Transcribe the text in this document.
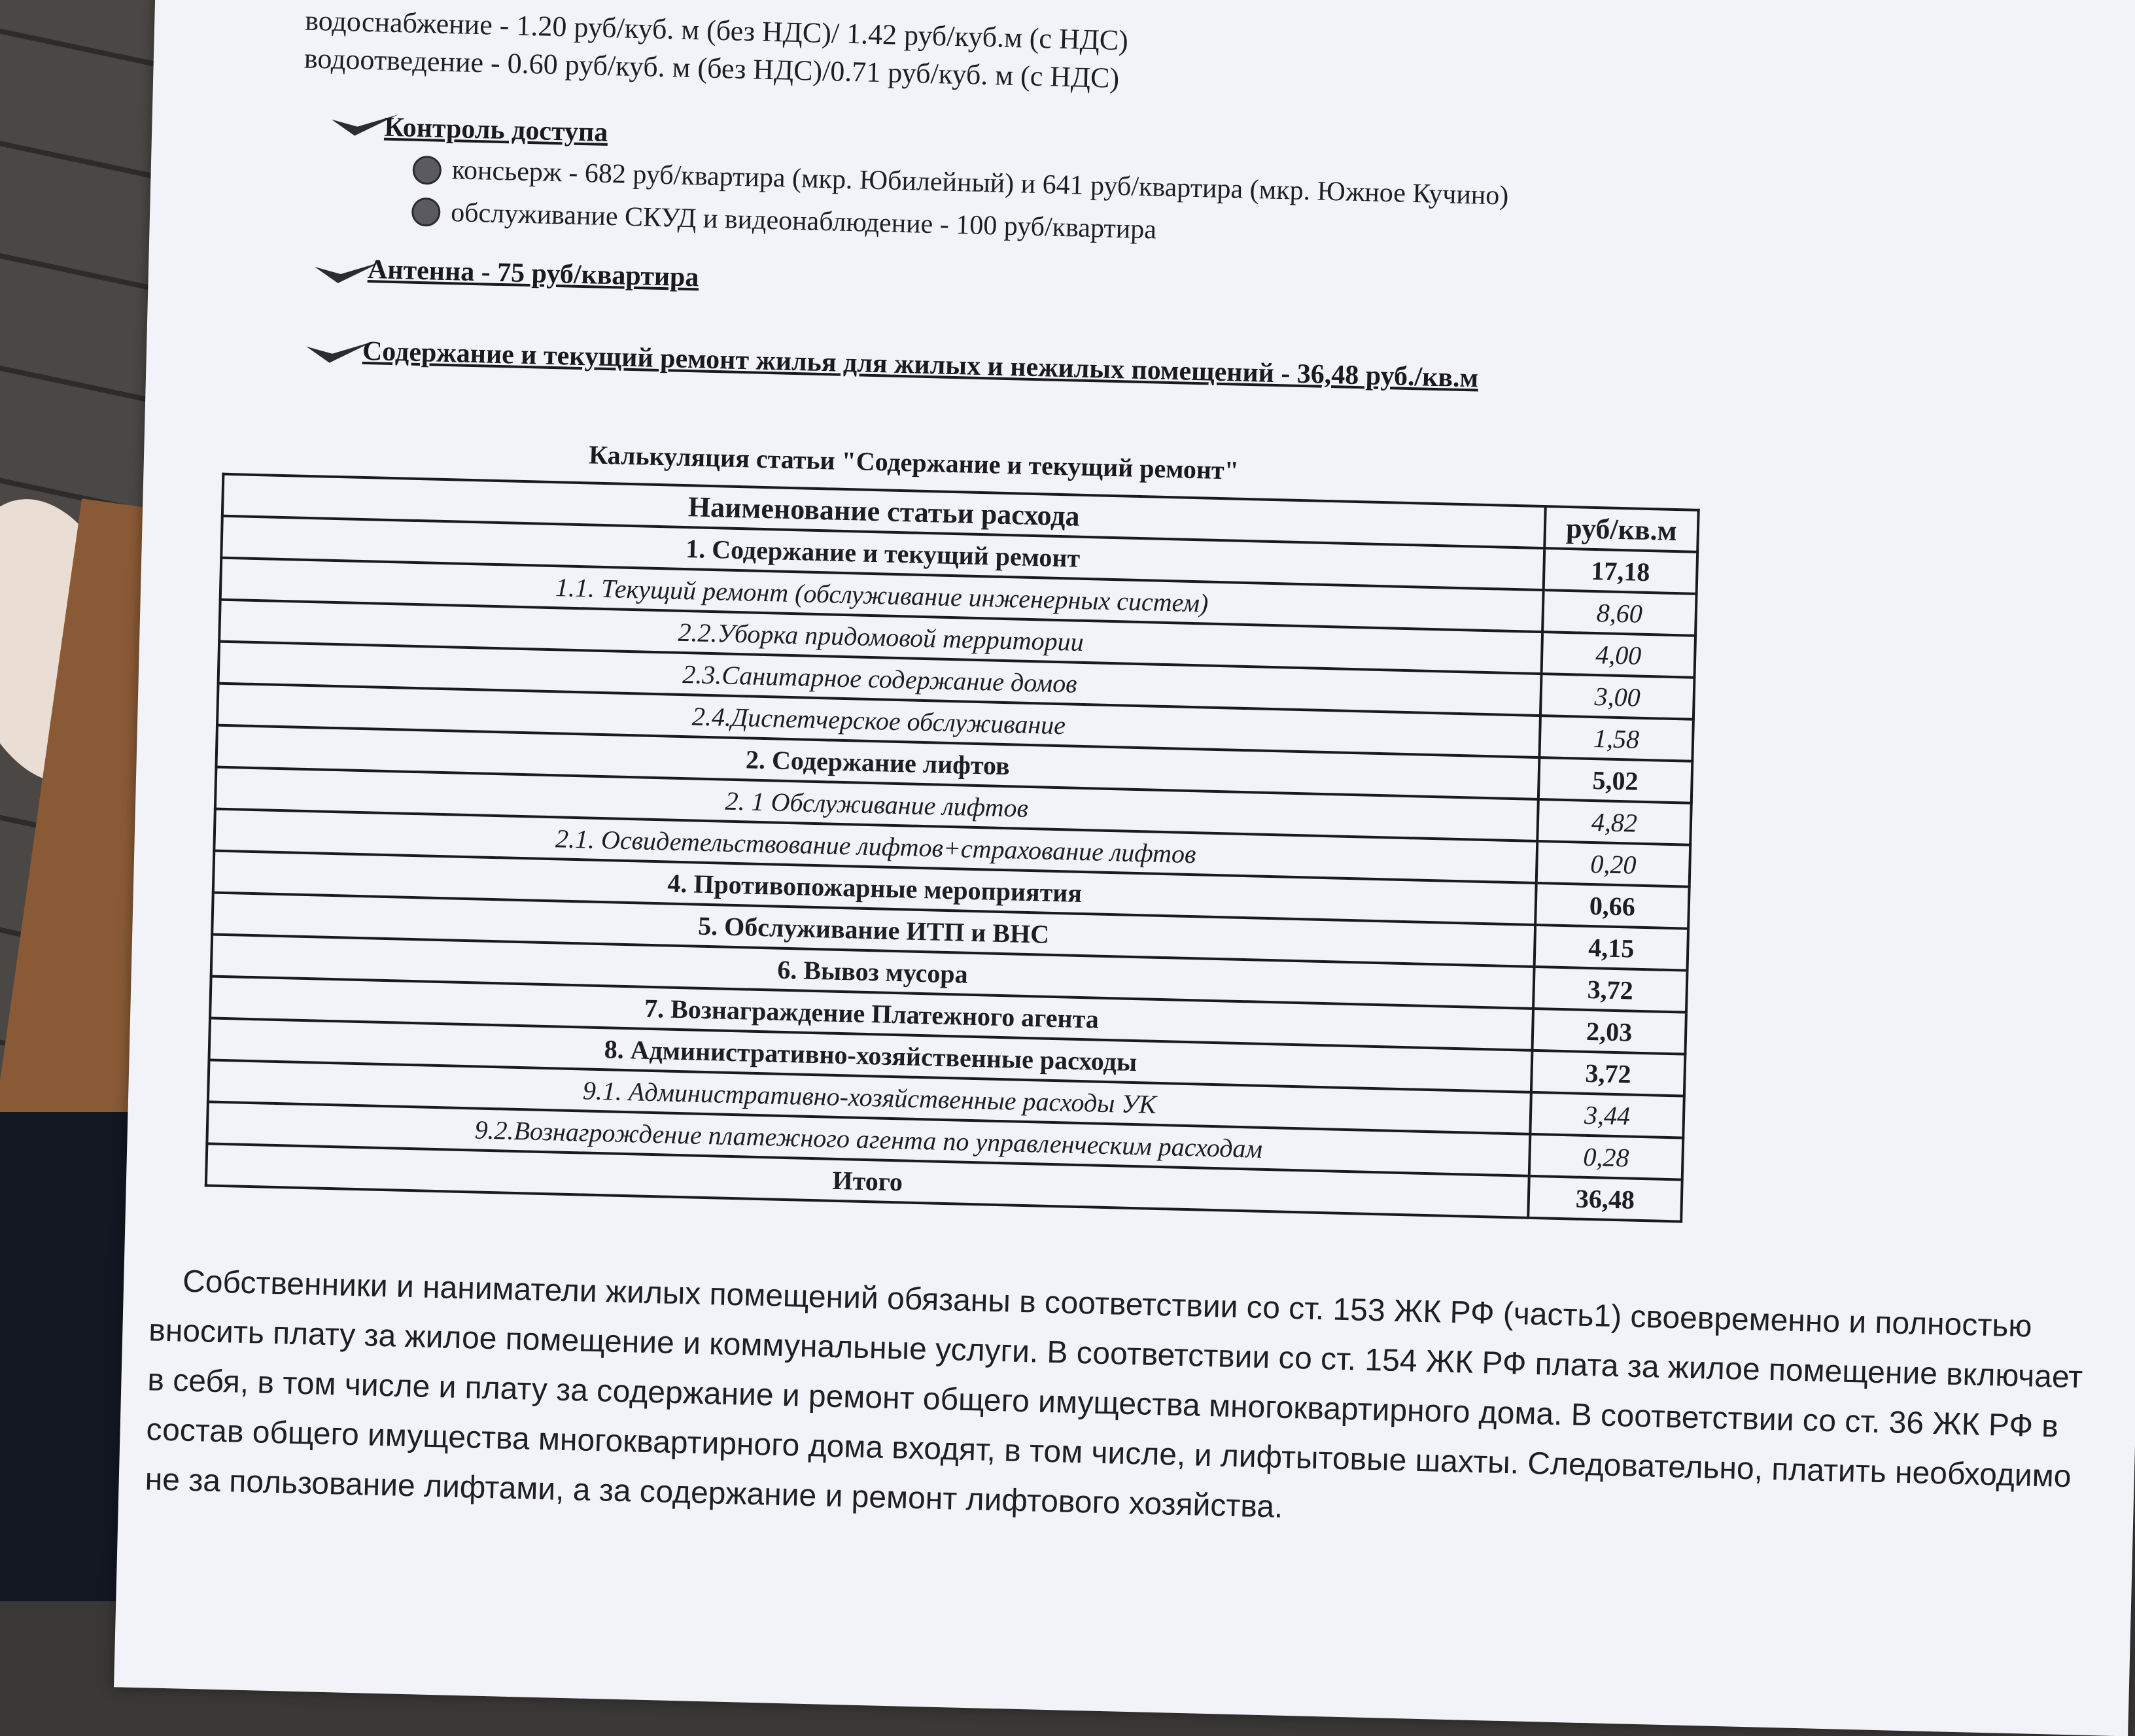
водоснабжение - 1.20 руб/куб. м (без НДС)/ 1.42 руб/куб.м (с НДС)
водоотведение - 0.60 руб/куб. м (без НДС)/0.71 руб/куб. м (с НДС)
Контроль доступа
консьерж - 682 руб/квартира (мкр. Юбилейный) и 641 руб/квартира (мкр. Южное Кучино)
обслуживание СКУД и видеонаблюдение - 100 руб/квартира
Антенна - 75 руб/квартира
Содержание и текущий ремонт жилья для жилых и нежилых помещений - 36,48 руб./кв.м
Калькуляция статьи "Содержание и текущий ремонт"
Наименование статьи расхода	руб/кв.м
1. Содержание и текущий ремонт	17,18
1.1. Текущий ремонт (обслуживание инженерных систем)	8,60
2.2.Уборка придомовой территории	4,00
2.3.Санитарное содержание домов	3,00
2.4.Диспетчерское обслуживание	1,58
2. Содержание лифтов	5,02
2. 1 Обслуживание лифтов	4,82
2.1. Освидетельствование лифтов+страхование лифтов	0,20
4. Противопожарные мероприятия	0,66
5. Обслуживание ИТП и ВНС	4,15
6. Вывоз мусора	3,72
7. Вознаграждение Платежного агента	2,03
8. Административно-хозяйственные расходы	3,72
9.1. Административно-хозяйственные расходы УК	3,44
9.2.Вознагрождение платежного агента по управленческим расходам	0,28
Итого	36,48
Собственники и наниматели жилых помещений обязаны в соответствии со ст. 153 ЖК РФ (часть1) своевременно и полностью вносить плату за жилое помещение и коммунальные услуги. В соответствии со ст. 154 ЖК РФ плата за жилое помещение включает в себя, в том числе и плату за содержание и ремонт общего имущества многоквартирного дома. В соответствии со ст. 36 ЖК РФ в состав общего имущества многоквартирного дома входят, в том числе, и лифтытовые шахты. Следовательно, платить необходимо не за пользование лифтами, а за содержание и ремонт лифтового хозяйства.
